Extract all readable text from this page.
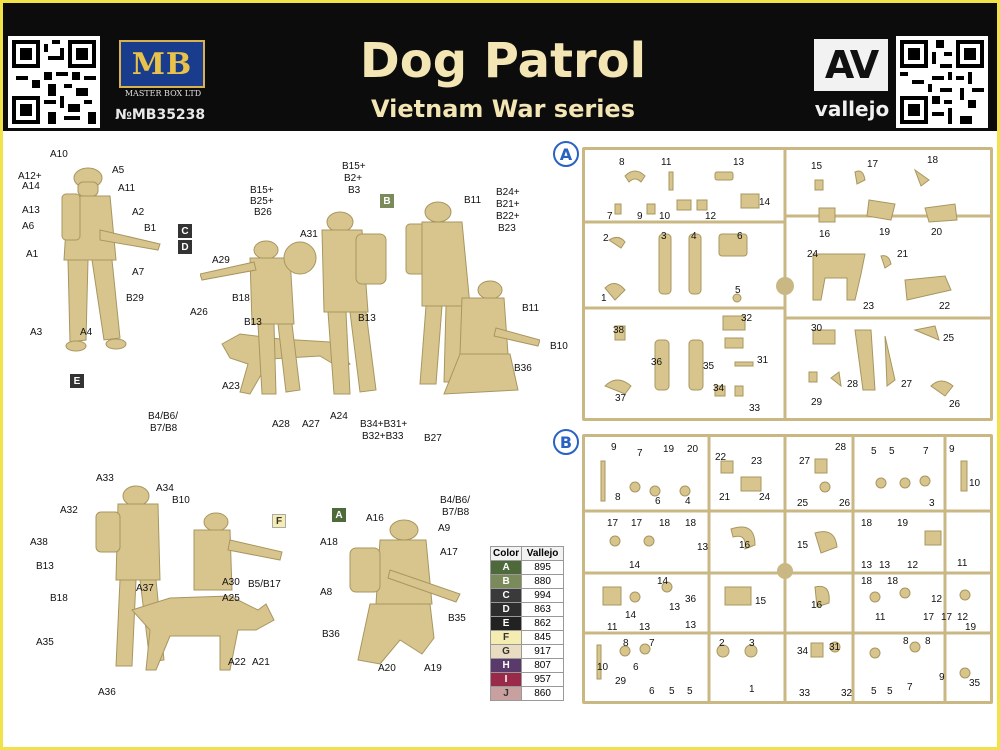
MB
MASTER BOX LTD
№MB35238
Dog Patrol
Vietnam War series
AV
vallejo
A10
A12+
A14
A5
A11
A13	A2
A6	B1
A1
A7
B29
A3	A4
C
D
E
B15+
B25+
B26
A31
B15+
B2+
B3
B11
B24+
B21+
B22+
B23
A29
A26
B18
B13	B13
B11
B10
B36
A23
A28 A27
A24
B34+B31+
B32+B33 B27
B
B4/B6/
B7/B8
A33
A34
A32
B10
A38
B13
B18
A37
A30
A25
B5/B17
A35
A22 A21
A36
F	A16
B4/B6/
B7/B8
A18
A9
A17
A8
B35
B36
A20	A19
A
Color	Vallejo
A	895
B	880
C	994
D	863
E	862
F	845
G	917
H	807
I	957
J	860
A	8	11	13	15	17	18
7 9 10	12
14
16	19	20
2	3 4	6
24	21
1
5
23	22
38
32
30
25
36	35
31
28	27
37
34
33
29	26
B	9
7 19 20
22 23	27
28 5 5	7 9
10
8	6 4	21	24
25	26	3
17 17 18 18
16	15
18 19
14
14
13
36
13
15	16
18 18
13	11
11
14
13
13 12
11
12
12
13
17 17
19
10
8 7	2 3
34 31
8 8
6
29
6 5 5	1	33	32 5 5 7
9
35
